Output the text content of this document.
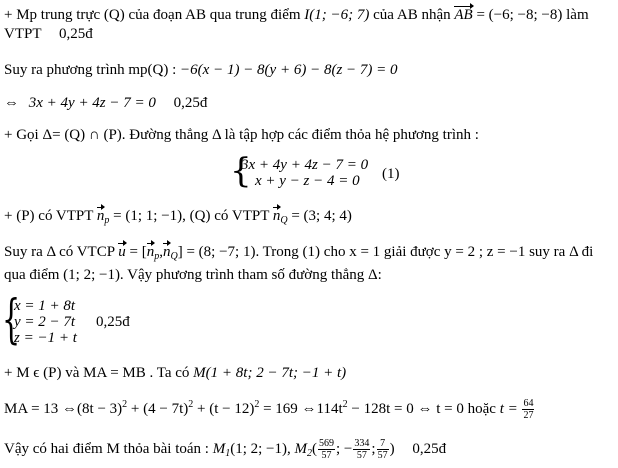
+ Mp trung trực (Q) của đoạn AB qua trung điểm I(1; −6; 7) của AB nhận AB = (−6; −8; −8) làm
VTPT 0,25đ
Suy ra phương trình mp(Q) : −6(x − 1) − 8(y + 6) − 8(z − 7) = 0
⇔ 3x + 4y + 4z − 7 = 0 0,25đ
+ Gọi Δ= (Q) ∩ (P). Đường thẳng Δ là tập hợp các điểm thỏa hệ phương trình :
{
3x + 4y + 4z − 7 = 0
x + y − z − 4 = 0 (1)
+ (P) có VTPT $n_p = (1$; 1; −1), (Q) có VTPT $n_Q = (3$; 4; 4)
Suy ra Δ có VTCP $u = [n_p,n_Q] = (8$; −7; 1). Trong (1) cho x = 1 giải được y = 2 ; z = −1 suy ra Δ đi
qua điểm (1; 2; −1). Vậy phương trình tham số đường thẳng Δ:
{
x = 1 + 8t
y = 2 − 7t 0,25đ
z = −1 + t
+ M ϵ (P) và MA = MB . Ta có M(1 + 8t; 2 − 7t; −1 + t)
MA = 13 ⇔(8t − $3)^2 + (4 - 7t)^2 + (t - 12)^2 = 169$ $\Leftrightarrow 114t^2 - 128t = 0$ ⇔ t = 0 hoặc $t = \frac{64}{27}$
Vậy có hai điểm M thỏa bài toán : $M_1(1$; 2; −1), $M_2( \frac{569}{57}$ ; − $\frac{334}{57}$ ; $\frac{7}{57}$ ) 0,25đ
